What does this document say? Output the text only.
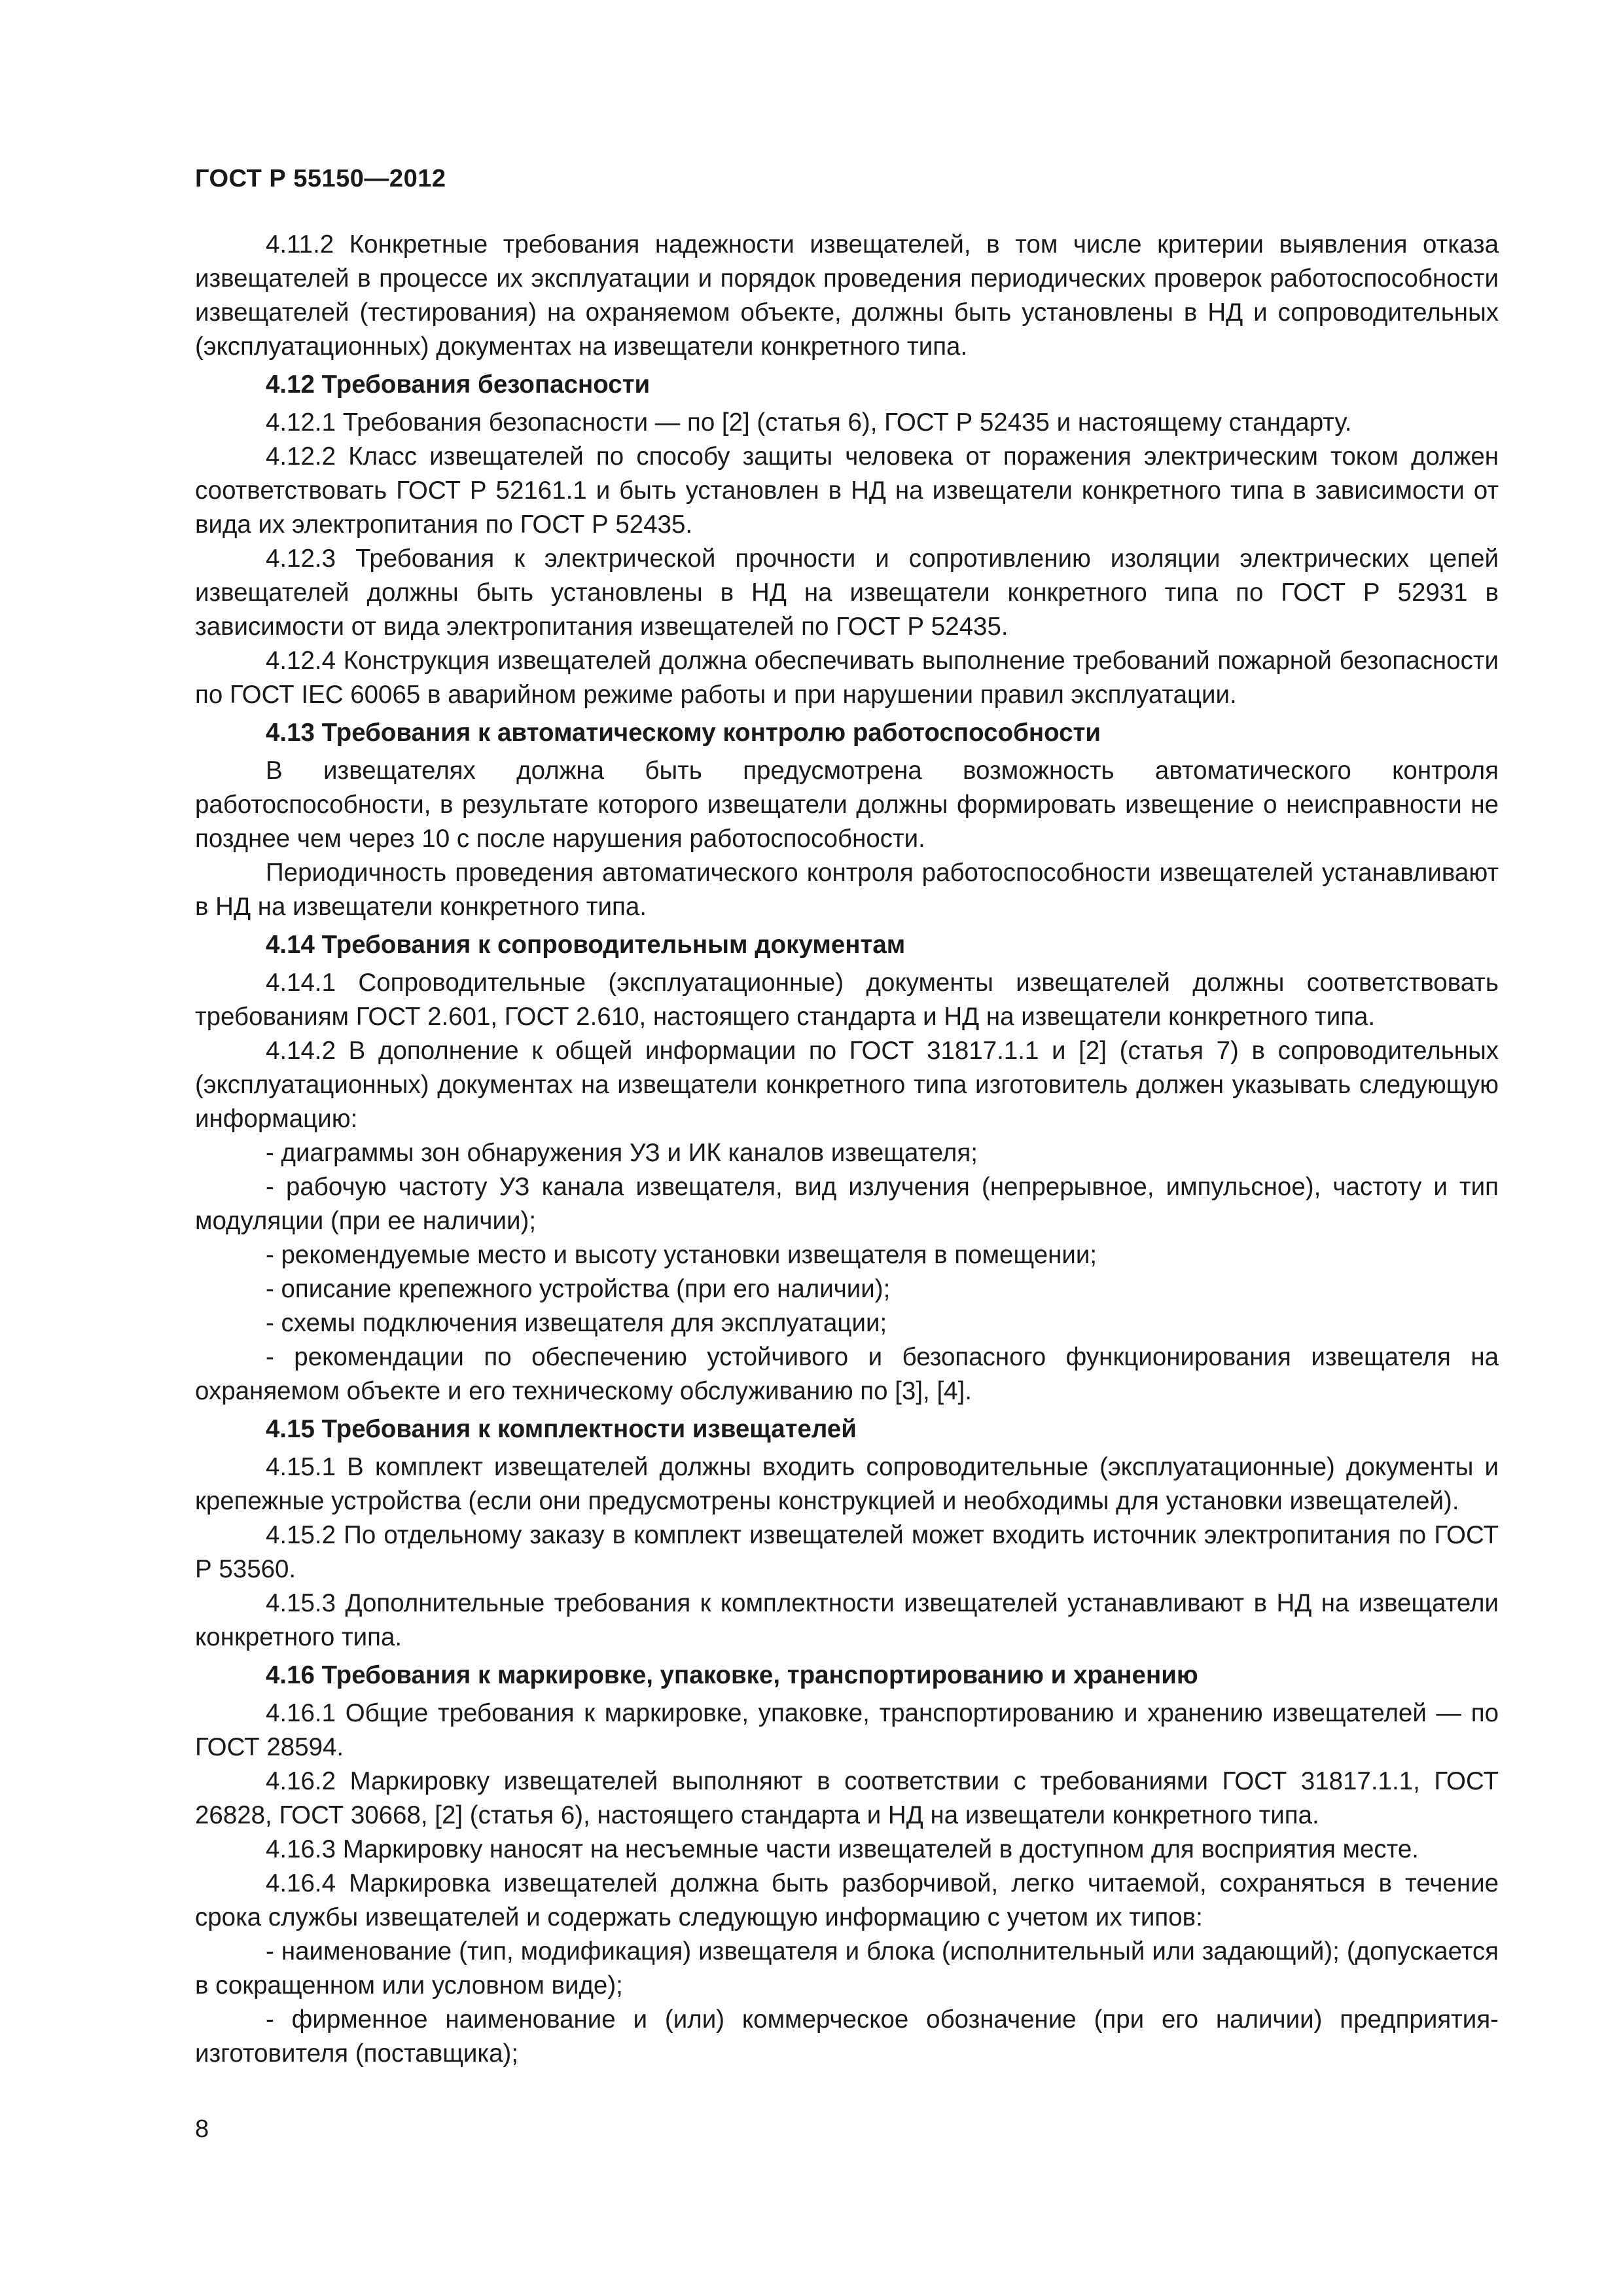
ГОСТ Р 55150—2012

4.11.2 Конкретные требования надежности извещателей, в том числе критерии выявления отказа извещателей в процессе их эксплуатации и порядок проведения периодических проверок работоспособности извещателей (тестирования) на охраняемом объекте, должны быть установлены в НД и сопроводительных (эксплуатационных) документах на извещатели конкретного типа.

4.12 Требования безопасности

4.12.1 Требования безопасности — по [2] (статья 6), ГОСТ Р 52435 и настоящему стандарту.

4.12.2 Класс извещателей по способу защиты человека от поражения электрическим током должен соответствовать ГОСТ Р 52161.1 и быть установлен в НД на извещатели конкретного типа в зависимости от вида их электропитания по ГОСТ Р 52435.

4.12.3 Требования к электрической прочности и сопротивлению изоляции электрических цепей извещателей должны быть установлены в НД на извещатели конкретного типа по ГОСТ Р 52931 в зависимости от вида электропитания извещателей по ГОСТ Р 52435.

4.12.4 Конструкция извещателей должна обеспечивать выполнение требований пожарной безопасности по ГОСТ IEC 60065 в аварийном режиме работы и при нарушении правил эксплуатации.

4.13 Требования к автоматическому контролю работоспособности

В извещателях должна быть предусмотрена возможность автоматического контроля работоспособности, в результате которого извещатели должны формировать извещение о неисправности не позднее чем через 10 с после нарушения работоспособности.

Периодичность проведения автоматического контроля работоспособности извещателей устанавливают в НД на извещатели конкретного типа.

4.14 Требования к сопроводительным документам

4.14.1 Сопроводительные (эксплуатационные) документы извещателей должны соответствовать требованиям ГОСТ 2.601, ГОСТ 2.610, настоящего стандарта и НД на извещатели конкретного типа.

4.14.2 В дополнение к общей информации по ГОСТ 31817.1.1 и [2] (статья 7) в сопроводительных (эксплуатационных) документах на извещатели конкретного типа изготовитель должен указывать следующую информацию:

- диаграммы зон обнаружения УЗ и ИК каналов извещателя;

- рабочую частоту УЗ канала извещателя, вид излучения (непрерывное, импульсное), частоту и тип модуляции (при ее наличии);

- рекомендуемые место и высоту установки извещателя в помещении;

- описание крепежного устройства (при его наличии);

- схемы подключения извещателя для эксплуатации;

- рекомендации по обеспечению устойчивого и безопасного функционирования извещателя на охраняемом объекте и его техническому обслуживанию по [3], [4].

4.15 Требования к комплектности извещателей

4.15.1 В комплект извещателей должны входить сопроводительные (эксплуатационные) документы и крепежные устройства (если они предусмотрены конструкцией и необходимы для установки извещателей).

4.15.2 По отдельному заказу в комплект извещателей может входить источник электропитания по ГОСТ Р 53560.

4.15.3 Дополнительные требования к комплектности извещателей устанавливают в НД на извещатели конкретного типа.

4.16 Требования к маркировке, упаковке, транспортированию и хранению

4.16.1 Общие требования к маркировке, упаковке, транспортированию и хранению извещателей — по ГОСТ 28594.

4.16.2 Маркировку извещателей выполняют в соответствии с требованиями ГОСТ 31817.1.1, ГОСТ 26828, ГОСТ 30668, [2] (статья 6), настоящего стандарта и НД на извещатели конкретного типа.

4.16.3 Маркировку наносят на несъемные части извещателей в доступном для восприятия месте.

4.16.4 Маркировка извещателей должна быть разборчивой, легко читаемой, сохраняться в течение срока службы извещателей и содержать следующую информацию с учетом их типов:

- наименование (тип, модификация) извещателя и блока (исполнительный или задающий); (допускается в сокращенном или условном виде);

- фирменное наименование и (или) коммерческое обозначение (при его наличии) предприятия-изготовителя (поставщика);

8
